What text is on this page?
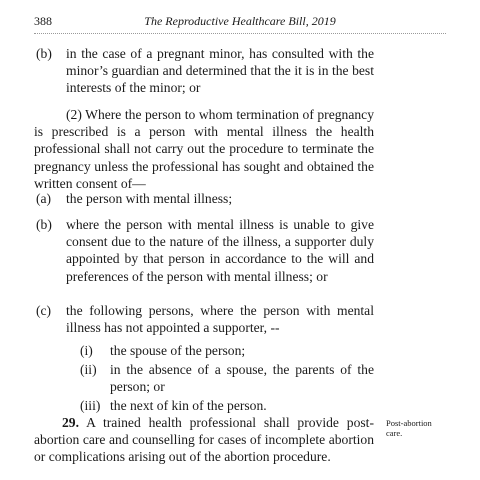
388	The Reproductive Healthcare Bill, 2019
(b) in the case of a pregnant minor, has consulted with the minor’s guardian and determined that the it is in the best interests of the minor; or
(2) Where the person to whom termination of pregnancy is prescribed is a person with mental illness the health professional shall not carry out the procedure to terminate the pregnancy unless the professional has sought and obtained the written consent of—
(a) the person with mental illness;
(b) where the person with mental illness is unable to give consent due to the nature of the illness, a supporter duly appointed by that person in accordance to the will and preferences of the person with mental illness; or
(c) the following persons, where the person with mental illness has not appointed a supporter, --
(i) the spouse of the person;
(ii) in the absence of a spouse, the parents of the person; or
(iii) the next of kin of the person.
29. A trained health professional shall provide post-abortion care and counselling for cases of incomplete abortion or complications arising out of the abortion procedure.
Post-abortion care.
